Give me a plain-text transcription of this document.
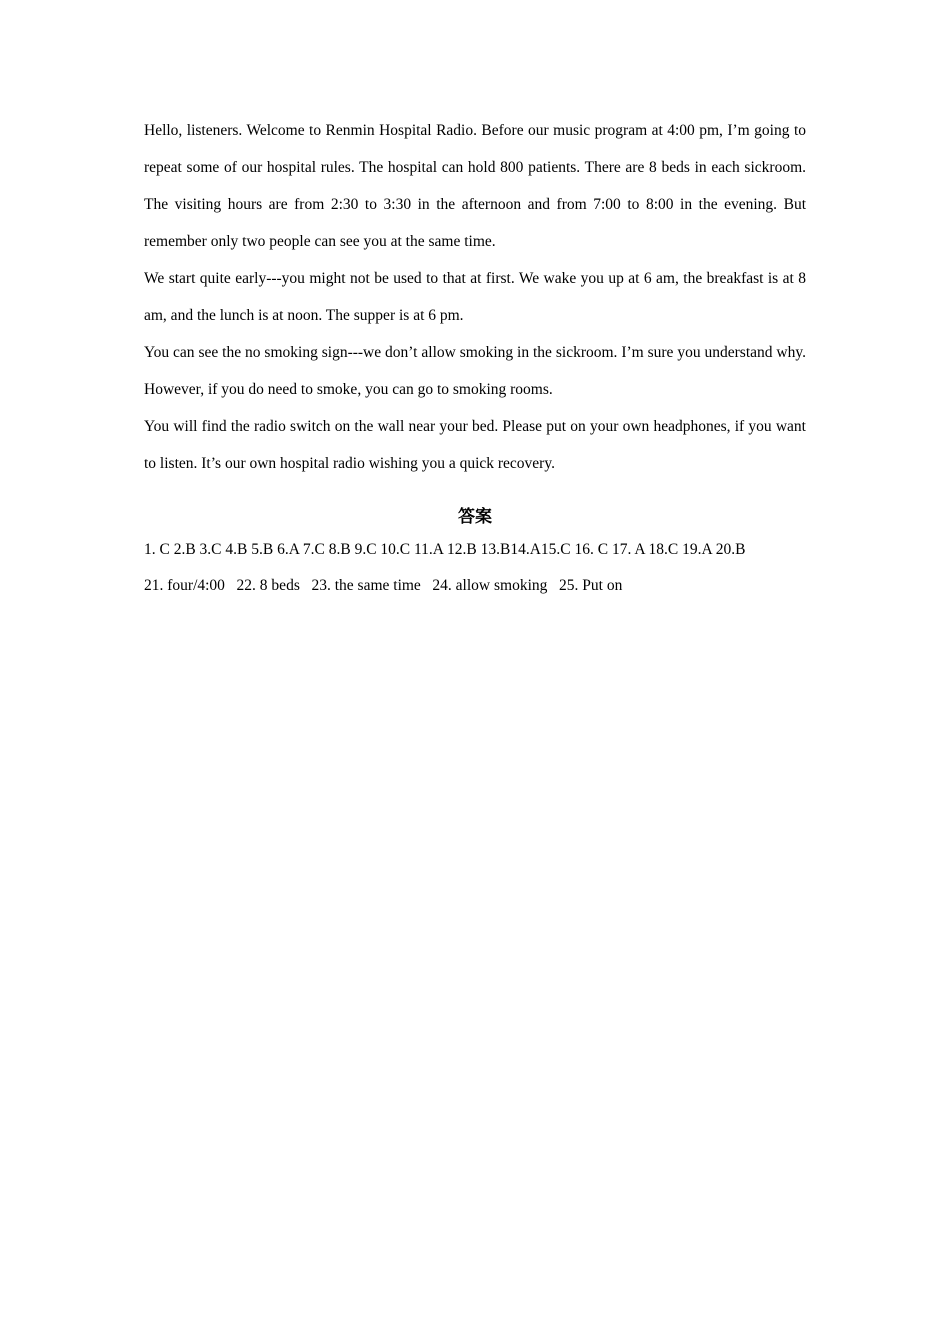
Hello, listeners. Welcome to Renmin Hospital Radio. Before our music program at 4:00 pm, I’m going to repeat some of our hospital rules. The hospital can hold 800 patients. There are 8 beds in each sickroom. The visiting hours are from 2:30 to 3:30 in the afternoon and from 7:00 to 8:00 in the evening. But remember only two people can see you at the same time.

We start quite early---you might not be used to that at first. We wake you up at 6 am, the breakfast is at 8 am, and the lunch is at noon. The supper is at 6 pm.

You can see the no smoking sign---we don’t allow smoking in the sickroom. I’m sure you understand why. However, if you do need to smoke, you can go to smoking rooms.

You will find the radio switch on the wall near your bed. Please put on your own headphones, if you want to listen. It’s our own hospital radio wishing you a quick recovery.

答案

1. C 2.B 3.C 4.B 5.B 6.A 7.C 8.B 9.C 10.C 11.A 12.B 13.B14.A15.C 16. C 17. A 18.C 19.A 20.B

21. four/4:00   22. 8 beds   23. the same time   24. allow smoking   25. Put on
